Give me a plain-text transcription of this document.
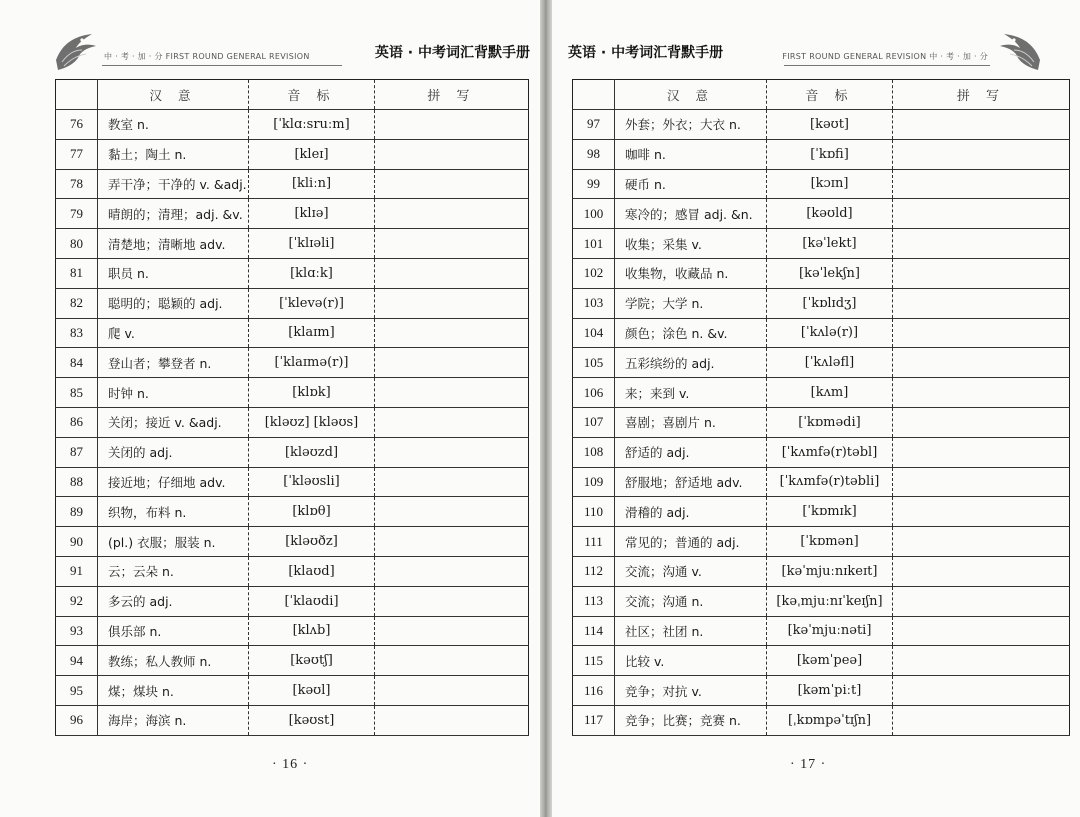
中 · 考 · 加 · 分 FIRST ROUND GENERAL REVISION	英语 · 中考词汇背默手册
	汉 意	音 标	拼 写
76	教室 n.	[ˈklɑːsruːm]	
77	黏土；陶土 n.	[kleɪ]	
78	弄干净；干净的 v. &adj.	[kliːn]	
79	晴朗的；清理；adj. &v.	[klɪə]	
80	清楚地；清晰地 adv.	[ˈklɪəli]	
81	职员 n.	[klɑːk]	
82	聪明的；聪颖的 adj.	[ˈklevə(r)]	
83	爬 v.	[klaɪm]	
84	登山者；攀登者 n.	[ˈklaɪmə(r)]	
85	时钟 n.	[klɒk]	
86	关闭；接近 v. &adj.	[kləʊz] [kləʊs]	
87	关闭的 adj.	[kləʊzd]	
88	接近地；仔细地 adv.	[ˈkləʊsli]	
89	织物，布料 n.	[klɒθ]	
90	(pl.) 衣服；服装 n.	[kləʊðz]	
91	云；云朵 n.	[klaʊd]	
92	多云的 adj.	[ˈklaʊdi]	
93	俱乐部 n.	[klʌb]	
94	教练；私人教师 n.	[kəʊtʃ]	
95	煤；煤块 n.	[kəʊl]	
96	海岸；海滨 n.	[kəʊst]	
· 16 ·
英语 · 中考词汇背默手册	FIRST ROUND GENERAL REVISION 中 · 考 · 加 · 分
	汉 意	音 标	拼 写
97	外套；外衣；大衣 n.	[kəʊt]	
98	咖啡 n.	[ˈkɒfi]	
99	硬币 n.	[kɔɪn]	
100	寒冷的；感冒 adj. &n.	[kəʊld]	
101	收集；采集 v.	[kəˈlekt]	
102	收集物，收藏品 n.	[kəˈlekʃn]	
103	学院；大学 n.	[ˈkɒlɪdʒ]	
104	颜色；涂色 n. &v.	[ˈkʌlə(r)]	
105	五彩缤纷的 adj.	[ˈkʌləfl]	
106	来；来到 v.	[kʌm]	
107	喜剧；喜剧片 n.	[ˈkɒmədi]	
108	舒适的 adj.	[ˈkʌmfə(r)təbl]	
109	舒服地；舒适地 adv.	[ˈkʌmfə(r)təbli]	
110	滑稽的 adj.	[ˈkɒmɪk]	
111	常见的；普通的 adj.	[ˈkɒmən]	
112	交流；沟通 v.	[kəˈmjuːnɪkeɪt]	
113	交流；沟通 n.	[kəˌmjuːnɪˈkeɪʃn]	
114	社区；社团 n.	[kəˈmjuːnəti]	
115	比较 v.	[kəmˈpeə]	
116	竞争；对抗 v.	[kəmˈpiːt]	
117	竞争；比赛；竞赛 n.	[ˌkɒmpəˈtɪʃn]	
· 17 ·
